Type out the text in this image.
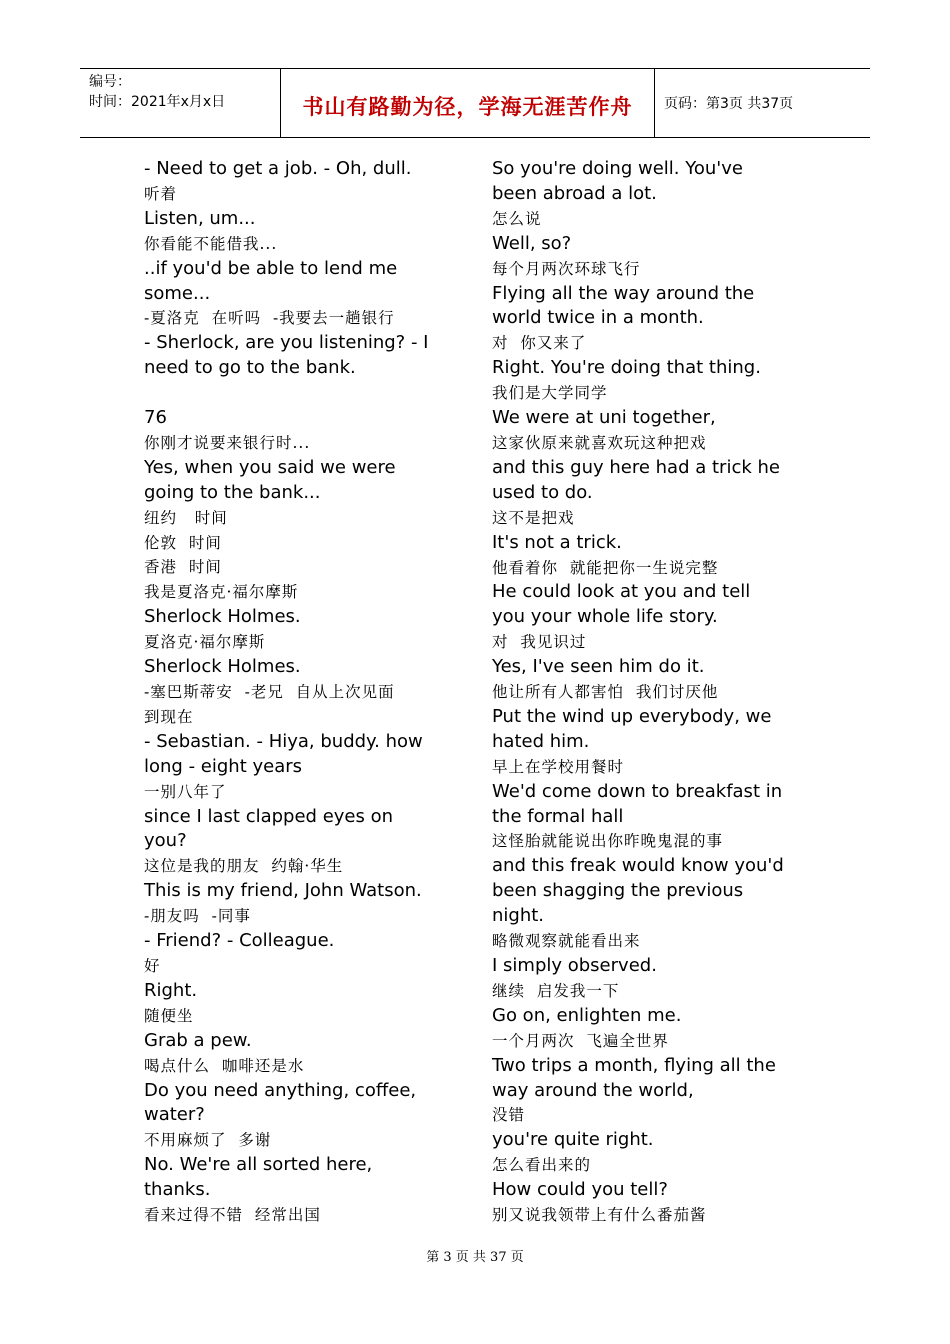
编号：
时间：2021年x月x日	书山有路勤为径，学海无涯苦作舟	页码：第3页 共37页
- Need to get a job. - Oh, dull.
听着
Listen, um...
你看能不能借我...
..if you'd be able to lend me
some...
-夏洛克  在听吗  -我要去一趟银行
- Sherlock, are you listening? - I
need to go to the bank.
76
你刚才说要来银行时...
Yes, when you said we were
going to the bank...
纽约   时间
伦敦  时间
香港  时间
我是夏洛克·福尔摩斯
Sherlock Holmes.
夏洛克·福尔摩斯
Sherlock Holmes.
-塞巴斯蒂安  -老兄  自从上次见面
到现在
- Sebastian. - Hiya, buddy. how
long - eight years
一别八年了
since I last clapped eyes on
you?
这位是我的朋友  约翰·华生
This is my friend, John Watson.
-朋友吗  -同事
- Friend? - Colleague.
好
Right.
随便坐
Grab a pew.
喝点什么  咖啡还是水
Do you need anything, coffee,
water?
不用麻烦了  多谢
No. We're all sorted here,
thanks.
看来过得不错  经常出国
So you're doing well. You've
been abroad a lot.
怎么说
Well, so?
每个月两次环球飞行
Flying all the way around the
world twice in a month.
对  你又来了
Right. You're doing that thing.
我们是大学同学
We were at uni together,
这家伙原来就喜欢玩这种把戏
and this guy here had a trick he
used to do.
这不是把戏
It's not a trick.
他看着你  就能把你一生说完整
He could look at you and tell
you your whole life story.
对  我见识过
Yes, I've seen him do it.
他让所有人都害怕  我们讨厌他
Put the wind up everybody, we
hated him.
早上在学校用餐时
We'd come down to breakfast in
the formal hall
这怪胎就能说出你昨晚鬼混的事
and this freak would know you'd
been shagging the previous
night.
略微观察就能看出来
I simply observed.
继续  启发我一下
Go on, enlighten me.
一个月两次  飞遍全世界
Two trips a month, flying all the
way around the world,
没错
you're quite right.
怎么看出来的
How could you tell?
别又说我领带上有什么番茄酱
第 3 页 共 37 页
